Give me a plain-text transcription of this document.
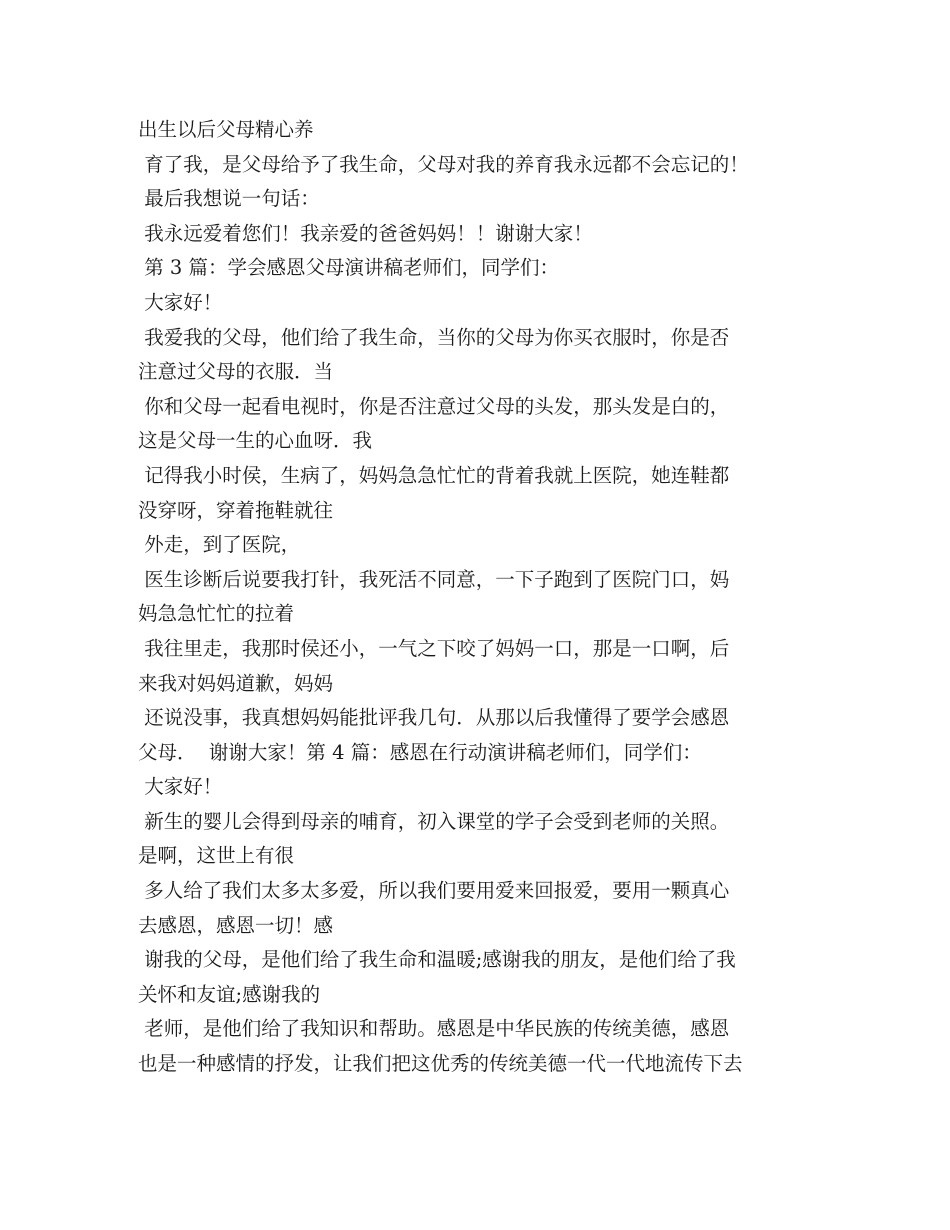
出生以后父母精心养
育了我，是父母给予了我生命，父母对我的养育我永远都不会忘记的！
最后我想说一句话：
我永远爱着您们！我亲爱的爸爸妈妈！！谢谢大家！
第 3 篇：学会感恩父母演讲稿老师们，同学们：
大家好！
我爱我的父母，他们给了我生命，当你的父母为你买衣服时，你是否
注意过父母的衣服．当
你和父母一起看电视时，你是否注意过父母的头发，那头发是白的，
这是父母一生的心血呀．我
记得我小时侯，生病了，妈妈急急忙忙的背着我就上医院，她连鞋都
没穿呀，穿着拖鞋就往
外走，到了医院，
医生诊断后说要我打针，我死活不同意，一下子跑到了医院门口，妈
妈急急忙忙的拉着
我往里走，我那时侯还小，一气之下咬了妈妈一口，那是一口啊，后
来我对妈妈道歉，妈妈
还说没事，我真想妈妈能批评我几句．从那以后我懂得了要学会感恩
父母．  谢谢大家！第 4 篇：感恩在行动演讲稿老师们，同学们：
大家好！
新生的婴儿会得到母亲的哺育，初入课堂的学子会受到老师的关照。
是啊，这世上有很
多人给了我们太多太多爱，所以我们要用爱来回报爱，要用一颗真心
去感恩，感恩一切！感
谢我的父母，是他们给了我生命和温暖;感谢我的朋友，是他们给了我
关怀和友谊;感谢我的
老师，是他们给了我知识和帮助。感恩是中华民族的传统美德，感恩
也是一种感情的抒发，让我们把这优秀的传统美德一代一代地流传下去
